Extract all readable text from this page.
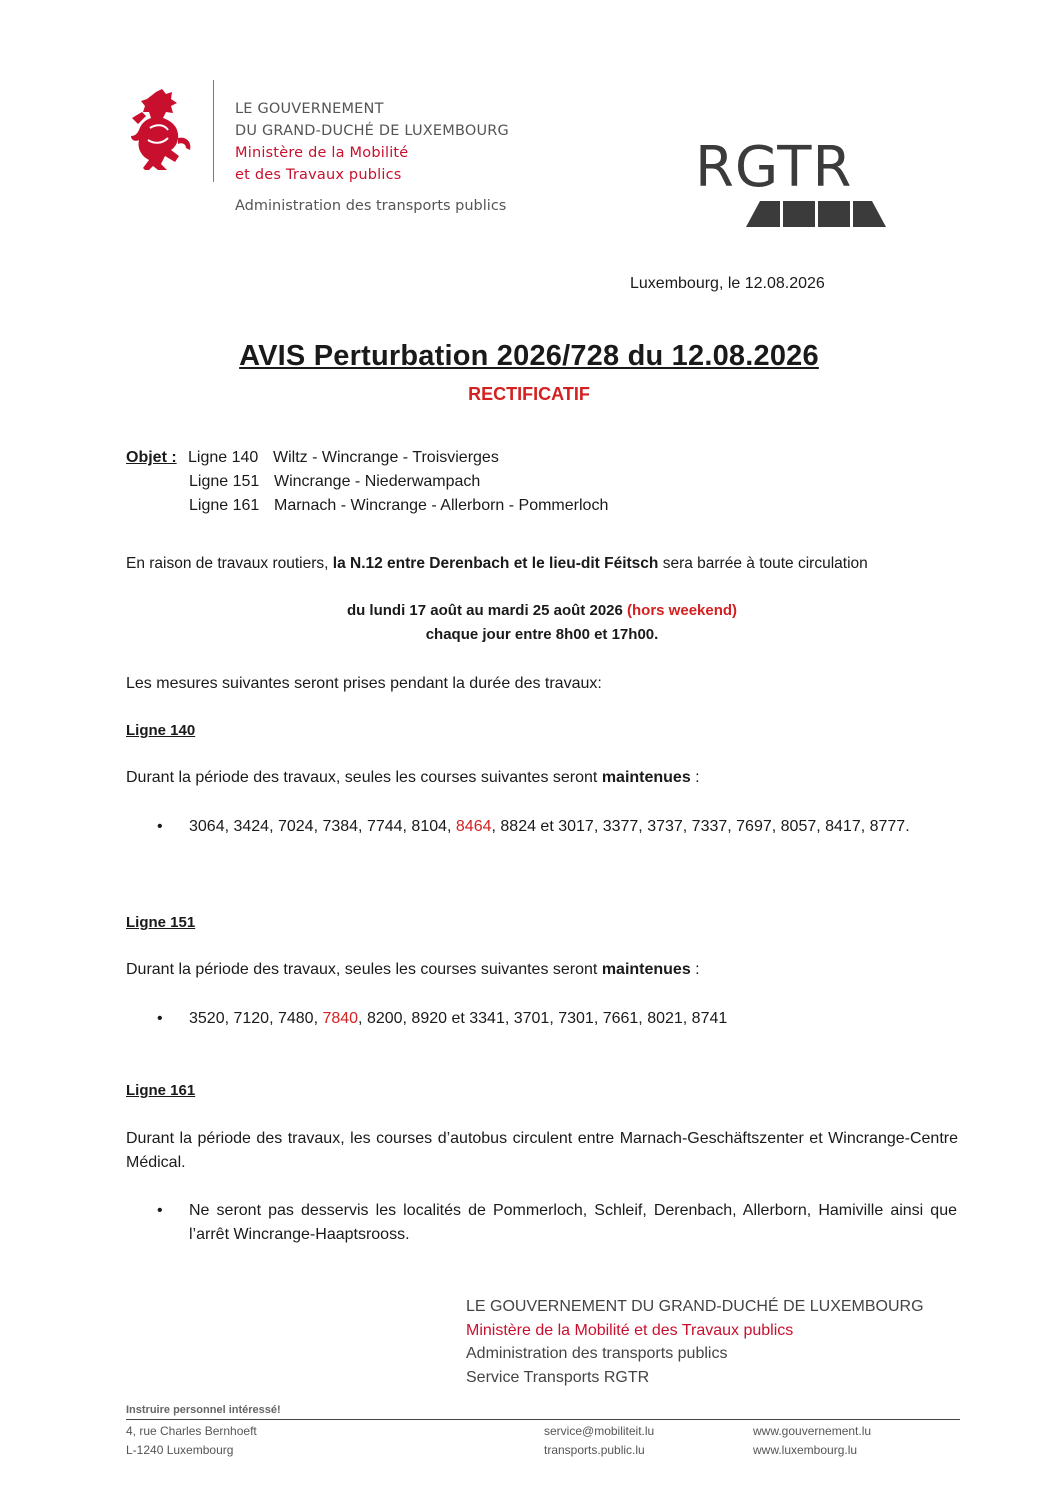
LE GOUVERNEMENT
DU GRAND-DUCHÉ DE LUXEMBOURG
Ministère de la Mobilité
et des Travaux publics
Administration des transports publics
RGTR
Luxembourg, le 12.08.2026
AVIS Perturbation 2026/728 du 12.08.2026
RECTIFICATIF
Objet : Ligne 140 Wiltz - Wincrange - Troisvierges
Ligne 151 Wincrange - Niederwampach
Ligne 161 Marnach - Wincrange - Allerborn - Pommerloch
En raison de travaux routiers, la N.12 entre Derenbach et le lieu-dit Féitsch sera barrée à toute circulation
du lundi 17 août au mardi 25 août 2026 (hors weekend)
chaque jour entre 8h00 et 17h00.
Les mesures suivantes seront prises pendant la durée des travaux:
Ligne 140
Durant la période des travaux, seules les courses suivantes seront maintenues :
• 3064, 3424, 7024, 7384, 7744, 8104, 8464, 8824 et 3017, 3377, 3737, 7337, 7697, 8057, 8417, 8777.
Ligne 151
Durant la période des travaux, seules les courses suivantes seront maintenues :
• 3520, 7120, 7480, 7840, 8200, 8920 et 3341, 3701, 7301, 7661, 8021, 8741
Ligne 161
Durant la période des travaux, les courses d’autobus circulent entre Marnach-Geschäftszenter et Wincrange-Centre Médical.
• Ne seront pas desservis les localités de Pommerloch, Schleif, Derenbach, Allerborn, Hamiville ainsi que l’arrêt Wincrange-Haaptsrooss.
LE GOUVERNEMENT DU GRAND-DUCHÉ DE LUXEMBOURG
Ministère de la Mobilité et des Travaux publics
Administration des transports publics
Service Transports RGTR
Instruire personnel intéressé!
4, rue Charles Bernhoeft
L-1240 Luxembourg
service@mobiliteit.lu
transports.public.lu
www.gouvernement.lu
www.luxembourg.lu
